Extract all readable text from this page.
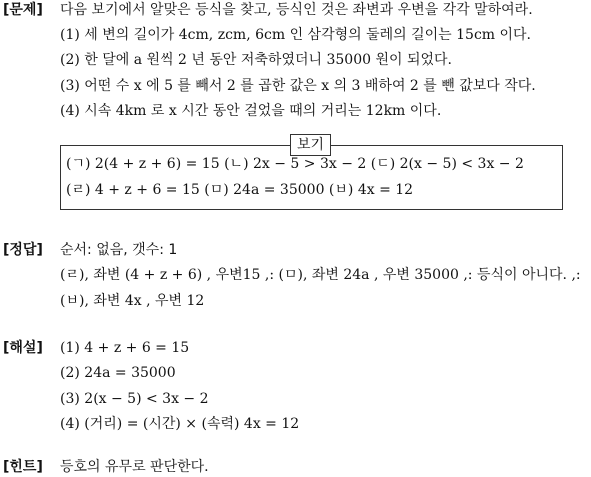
[문제] 다음 보기에서 알맞은 등식을 찾고, 등식인 것은 좌변과 우변을 각각 말하여라.
(1) 세 변의 길이가 4cm, zcm, 6cm 인 삼각형의 둘레의 길이는 15cm 이다.
(2) 한 달에 a 원씩 2 년 동안 저축하였더니 35000 원이 되었다.
(3) 어떤 수 x 에 5 를 빼서 2 를 곱한 값은 x 의 3 배하여 2 를 뺀 값보다 작다.
(4) 시속 4km 로 x 시간 동안 걸었을 때의 거리는 12km 이다.
보기
(ㄱ) 2(4 + z + 6) = 15 (ㄴ) 2x − 5 > 3x − 2 (ㄷ) 2(x − 5) < 3x − 2
(ㄹ) 4 + z + 6 = 15 (ㅁ) 24a = 35000 (ㅂ) 4x = 12
[정답] 순서: 없음, 갯수: 1
(ㄹ), 좌변 (4 + z + 6) , 우변15 ,: (ㅁ), 좌변 24a , 우변 35000 ,: 등식이 아니다. ,:
(ㅂ), 좌변 4x , 우변 12
[해설] (1) 4 + z + 6 = 15
(2) 24a = 35000
(3) 2(x − 5) < 3x − 2
(4) (거리) = (시간) × (속력) 4x = 12
[힌트] 등호의 유무로 판단한다.
